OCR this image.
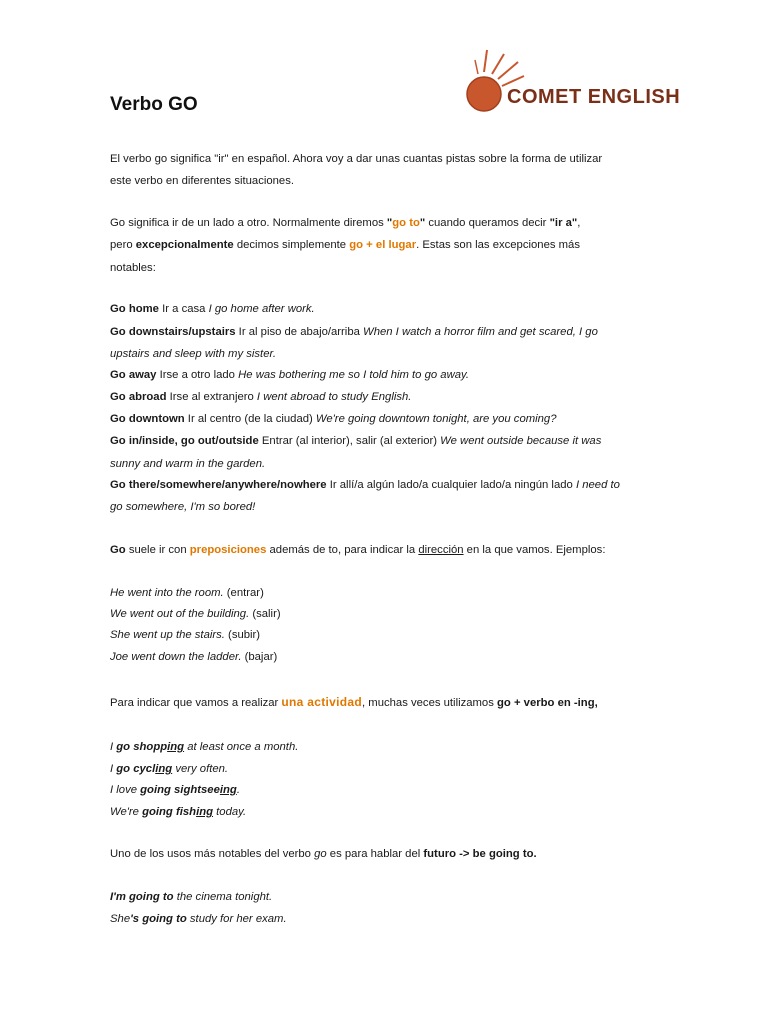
Verbo GO	COMET ENGLISH
El verbo go significa "ir" en español. Ahora voy a dar unas cuantas pistas sobre la forma de utilizar
este verbo en diferentes situaciones.
Go significa ir de un lado a otro. Normalmente diremos "go to" cuando queramos decir "ir a",
pero excepcionalmente decimos simplemente go + el lugar. Estas son las excepciones más
notables:
Go home Ir a casa I go home after work.
Go downstairs/upstairs Ir al piso de abajo/arriba When I watch a horror film and get scared, I go
upstairs and sleep with my sister.
Go away Irse a otro lado He was bothering me so I told him to go away.
Go abroad Irse al extranjero I went abroad to study English.
Go downtown Ir al centro (de la ciudad) We're going downtown tonight, are you coming?
Go in/inside, go out/outside Entrar (al interior), salir (al exterior) We went outside because it was
sunny and warm in the garden.
Go there/somewhere/anywhere/nowhere Ir allí/a algún lado/a cualquier lado/a ningún lado I need to
go somewhere, I'm so bored!
Go suele ir con preposiciones además de to, para indicar la dirección en la que vamos. Ejemplos:
He went into the room. (entrar)
We went out of the building. (salir)
She went up the stairs. (subir)
Joe went down the ladder. (bajar)
Para indicar que vamos a realizar una actividad, muchas veces utilizamos go + verbo en -ing,
I go shopping at least once a month.
I go cycling very often.
I love going sightseeing.
We're going fishing today.
Uno de los usos más notables del verbo go es para hablar del futuro -> be going to.
I'm going to the cinema tonight.
She's going to study for her exam.
